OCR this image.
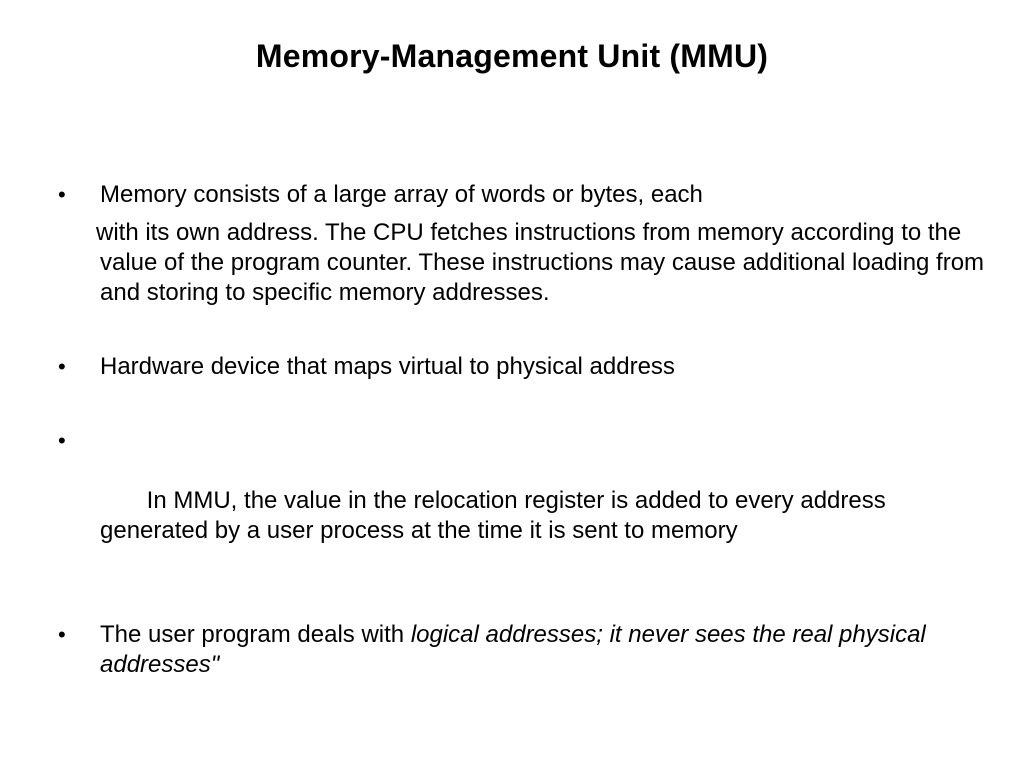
Memory-Management Unit (MMU)
•	Memory consists of a large array of words or bytes, each
with its own address. The CPU fetches instructions from memory according to the value of the program counter. These instructions may cause additional loading from and storing to specific memory addresses.
•	Hardware device that maps virtual to physical address

•

In MMU, the value in the relocation register is added to every address generated by a user process at the time it is sent to memory

•	The user program deals with logical addresses; it never sees the real physical addresses"
